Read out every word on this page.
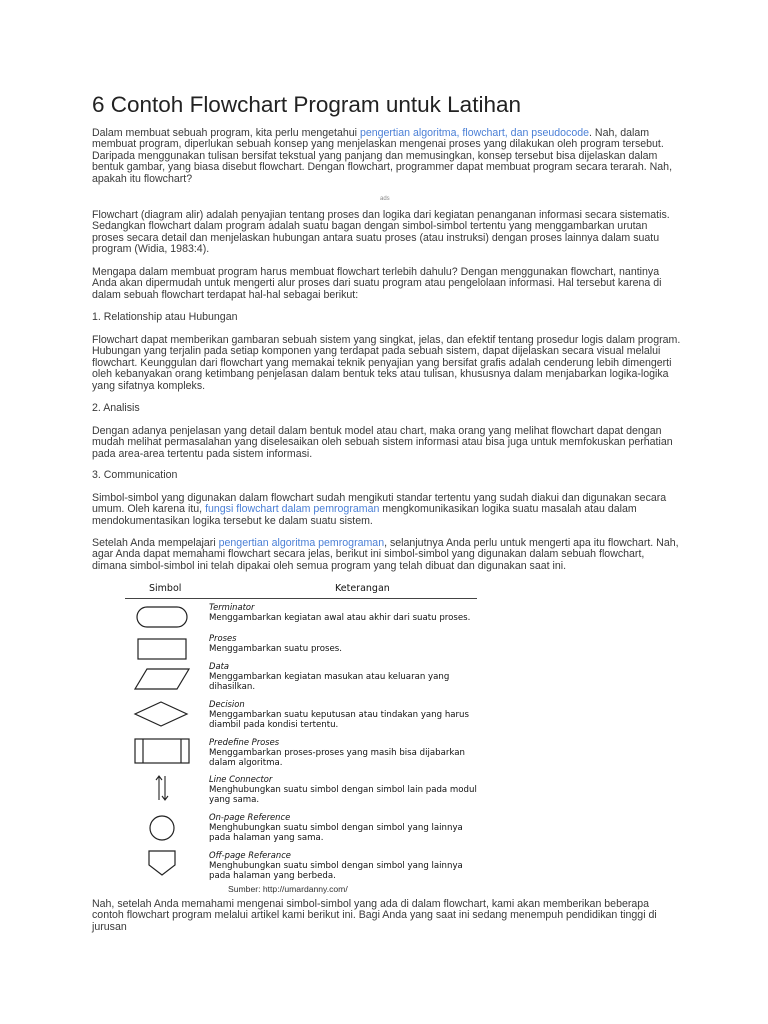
6 Contoh Flowchart Program untuk Latihan

Dalam membuat sebuah program, kita perlu mengetahui pengertian algoritma, flowchart, dan pseudocode. Nah, dalam membuat program, diperlukan sebuah konsep yang menjelaskan mengenai proses yang dilakukan oleh program tersebut. Daripada menggunakan tulisan bersifat tekstual yang panjang dan memusingkan, konsep tersebut bisa dijelaskan dalam bentuk gambar, yang biasa disebut flowchart. Dengan flowchart, programmer dapat membuat program secara terarah. Nah, apakah itu flowchart?

ads

Flowchart (diagram alir) adalah penyajian tentang proses dan logika dari kegiatan penanganan informasi secara sistematis. Sedangkan flowchart dalam program adalah suatu bagan dengan simbol-simbol tertentu yang menggambarkan urutan proses secara detail dan menjelaskan hubungan antara suatu proses (atau instruksi) dengan proses lainnya dalam suatu program (Widia, 1983:4).

Mengapa dalam membuat program harus membuat flowchart terlebih dahulu? Dengan menggunakan flowchart, nantinya Anda akan dipermudah untuk mengerti alur proses dari suatu program atau pengelolaan informasi. Hal tersebut karena di dalam sebuah flowchart terdapat hal-hal sebagai berikut:

1. Relationship atau Hubungan

Flowchart dapat memberikan gambaran sebuah sistem yang singkat, jelas, dan efektif tentang prosedur logis dalam program. Hubungan yang terjalin pada setiap komponen yang terdapat pada sebuah sistem, dapat dijelaskan secara visual melalui flowchart. Keunggulan dari flowchart yang memakai teknik penyajian yang bersifat grafis adalah cenderung lebih dimengerti oleh kebanyakan orang ketimbang penjelasan dalam bentuk teks atau tulisan, khususnya dalam menjabarkan logika-logika yang sifatnya kompleks.

2. Analisis

Dengan adanya penjelasan yang detail dalam bentuk model atau chart, maka orang yang melihat flowchart dapat dengan mudah melihat permasalahan yang diselesaikan oleh sebuah sistem informasi atau bisa juga untuk memfokuskan perhatian pada area-area tertentu pada sistem informasi.

3. Communication

Simbol-simbol yang digunakan dalam flowchart sudah mengikuti standar tertentu yang sudah diakui dan digunakan secara umum. Oleh karena itu, fungsi flowchart dalam pemrograman mengkomunikasikan logika suatu masalah atau dalam mendokumentasikan logika tersebut ke dalam suatu sistem.

Setelah Anda mempelajari pengertian algoritma pemrograman, selanjutnya Anda perlu untuk mengerti apa itu flowchart. Nah, agar Anda dapat memahami flowchart secara jelas, berikut ini simbol-simbol yang digunakan dalam sebuah flowchart, dimana simbol-simbol ini telah dipakai oleh semua program yang telah dibuat dan digunakan saat ini.

Nah, setelah Anda memahami mengenai simbol-simbol yang ada di dalam flowchart, kami akan memberikan beberapa contoh flowchart program melalui artikel kami berikut ini. Bagi Anda yang saat ini sedang menempuh pendidikan tinggi di jurusan

Simbol	Keterangan
Terminator
Menggambarkan kegiatan awal atau akhir dari suatu proses.
Proses
Menggambarkan suatu proses.
Data
Menggambarkan kegiatan masukan atau keluaran yang dihasilkan.
Decision
Menggambarkan suatu keputusan atau tindakan yang harus diambil pada kondisi tertentu.
Predefine Proses
Menggambarkan proses-proses yang masih bisa dijabarkan dalam algoritma.
Line Connector
Menghubungkan suatu simbol dengan simbol lain pada modul yang sama.
On-page Reference
Menghubungkan suatu simbol dengan simbol yang lainnya pada halaman yang sama.
Off-page Referance
Menghubungkan suatu simbol dengan simbol yang lainnya pada halaman yang berbeda.
Sumber: http://umardanny.com/
